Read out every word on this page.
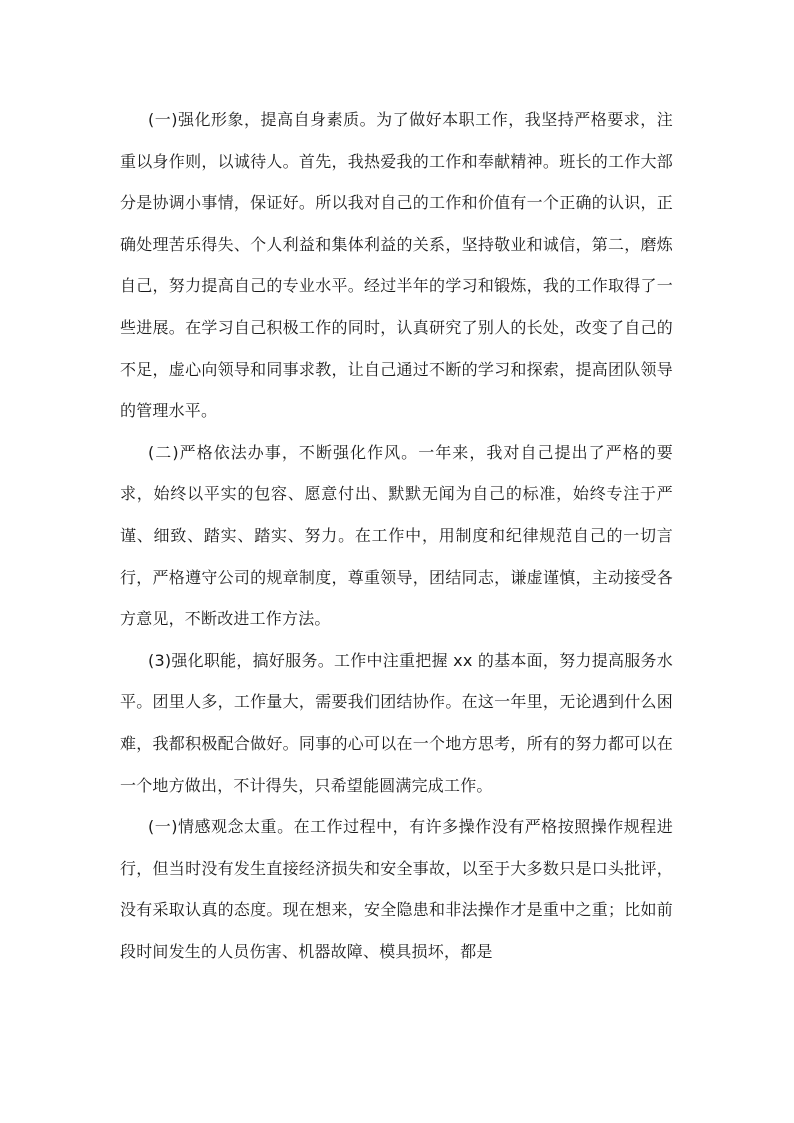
(一)强化形象，提高自身素质。为了做好本职工作，我坚持严格要求，注重以身作则，以诚待人。首先，我热爱我的工作和奉献精神。班长的工作大部分是协调小事情，保证好。所以我对自己的工作和价值有一个正确的认识，正确处理苦乐得失、个人利益和集体利益的关系，坚持敬业和诚信，第二，磨炼自己，努力提高自己的专业水平。经过半年的学习和锻炼，我的工作取得了一些进展。在学习自己积极工作的同时，认真研究了别人的长处，改变了自己的不足，虚心向领导和同事求教，让自己通过不断的学习和探索，提高团队领导的管理水平。

(二)严格依法办事，不断强化作风。一年来，我对自己提出了严格的要求，始终以平实的包容、愿意付出、默默无闻为自己的标准，始终专注于严谨、细致、踏实、踏实、努力。在工作中，用制度和纪律规范自己的一切言行，严格遵守公司的规章制度，尊重领导，团结同志，谦虚谨慎，主动接受各方意见，不断改进工作方法。

(3)强化职能，搞好服务。工作中注重把握 xx 的基本面，努力提高服务水平。团里人多，工作量大，需要我们团结协作。在这一年里，无论遇到什么困难，我都积极配合做好。同事的心可以在一个地方思考，所有的努力都可以在一个地方做出，不计得失，只希望能圆满完成工作。

(一)情感观念太重。在工作过程中，有许多操作没有严格按照操作规程进行，但当时没有发生直接经济损失和安全事故，以至于大多数只是口头批评，没有采取认真的态度。现在想来，安全隐患和非法操作才是重中之重；比如前段时间发生的人员伤害、机器故障、模具损坏，都是
